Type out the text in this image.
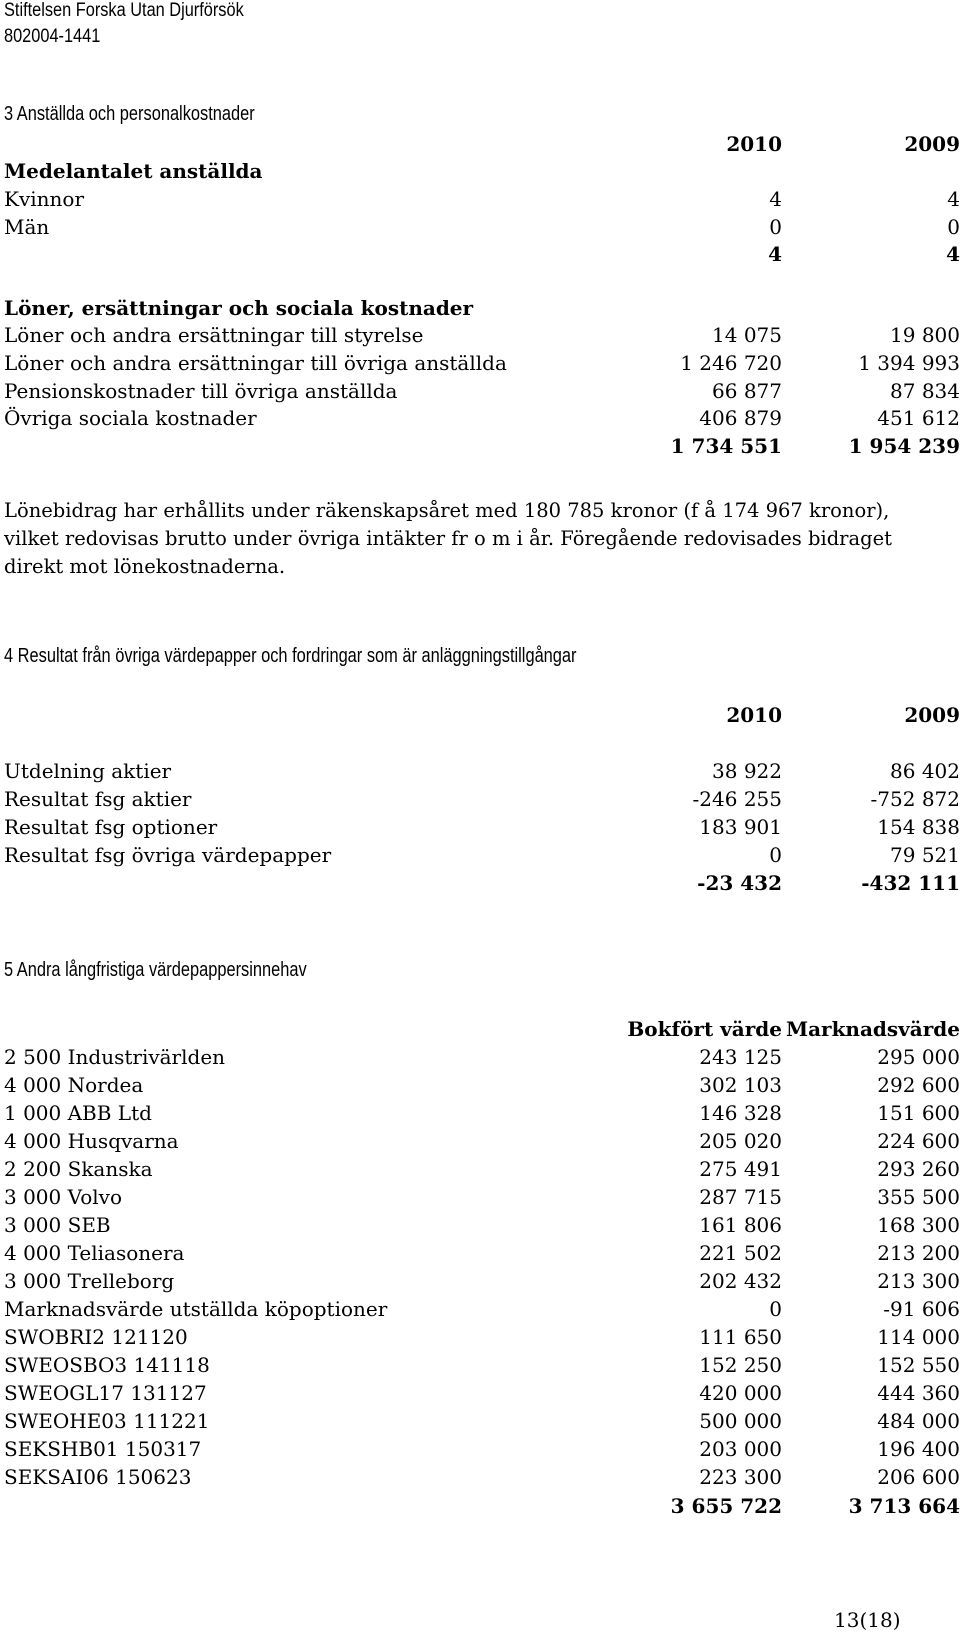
Stiftelsen Forska Utan Djurförsök
802004-1441
3 Anställda och personalkostnader
2010	2009
Medelantalet anställda
Kvinnor	4	4
Män	0	0
4	4
Löner, ersättningar och sociala kostnader
Löner och andra ersättningar till styrelse	14 075	19 800
Löner och andra ersättningar till övriga anställda	1 246 720	1 394 993
Pensionskostnader till övriga anställda	66 877	87 834
Övriga sociala kostnader	406 879	451 612
1 734 551	1 954 239
Lönebidrag har erhållits under räkenskapsåret med 180 785 kronor (f å 174 967 kronor), vilket redovisas brutto under övriga intäkter fr o m i år. Föregående redovisades bidraget direkt mot lönekostnaderna.
4 Resultat från övriga värdepapper och fordringar som är anläggningstillgångar
2010	2009
Utdelning aktier	38 922	86 402
Resultat fsg aktier	-246 255	-752 872
Resultat fsg optioner	183 901	154 838
Resultat fsg övriga värdepapper	0	79 521
-23 432	-432 111
5 Andra långfristiga värdepappersinnehav
Bokfört värde Marknadsvärde
2 500 Industrivärlden	243 125	295 000
4 000 Nordea	302 103	292 600
1 000 ABB Ltd	146 328	151 600
4 000 Husqvarna	205 020	224 600
2 200 Skanska	275 491	293 260
3 000 Volvo	287 715	355 500
3 000 SEB	161 806	168 300
4 000 Teliasonera	221 502	213 200
3 000 Trelleborg	202 432	213 300
Marknadsvärde utställda köpoptioner	0	-91 606
SWOBRI2 121120	111 650	114 000
SWEOSBO3 141118	152 250	152 550
SWEOGL17 131127	420 000	444 360
SWEOHE03 111221	500 000	484 000
SEKSHB01 150317	203 000	196 400
SEKSAI06 150623	223 300	206 600
3 655 722	3 713 664
13(18)
